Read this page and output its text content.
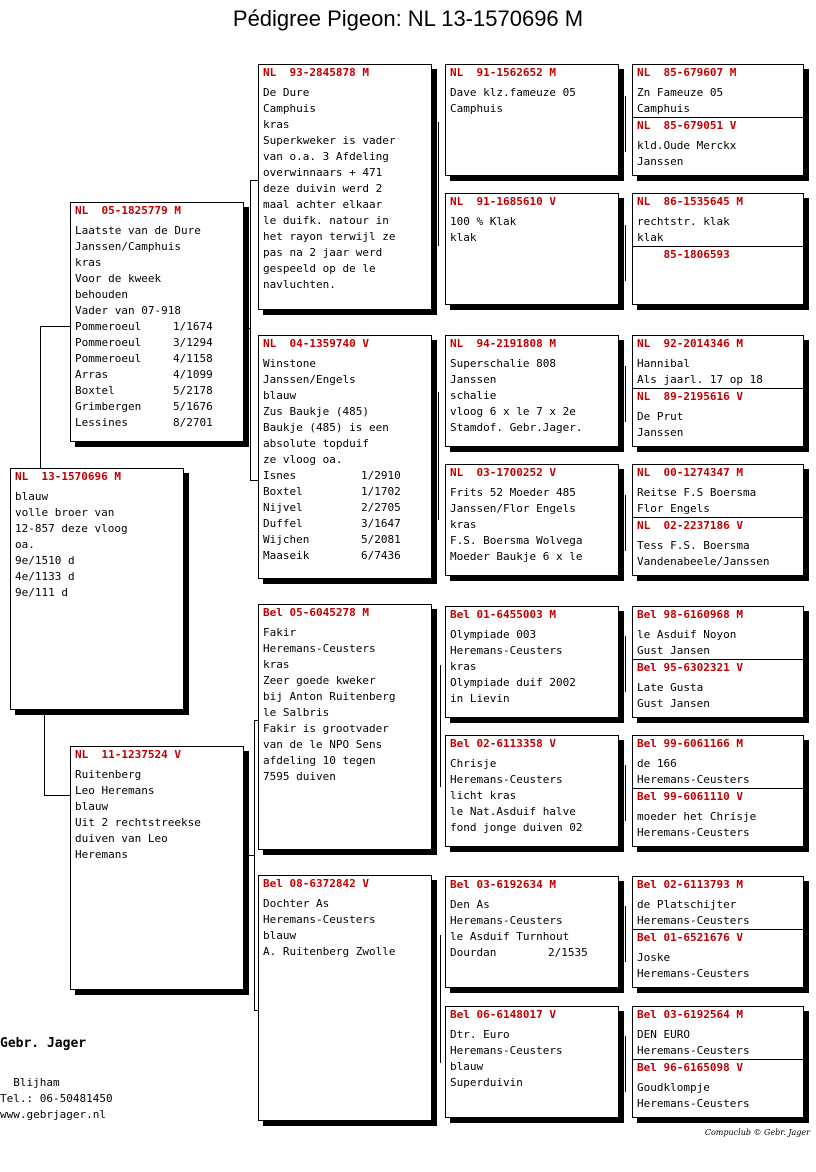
Pédigree Pigeon: NL 13-1570696 M
NL  13-1570696 M
blauw
volle broer van
12-857 deze vloog
oa.
9e/1510 d
4e/1133 d
9e/111 d
NL  05-1825779 M
Laatste van de Dure
Janssen/Camphuis
kras
Voor de kweek
behouden
Vader van 07-918
Pommeroeul	1/1674
Pommeroeul	3/1294
Pommeroeul	4/1158
Arras	4/1099
Boxtel	5/2178
Grimbergen	5/1676
Lessines	8/2701
NL  11-1237524 V
Ruitenberg
Leo Heremans
blauw
Uit 2 rechtstreekse
duiven van Leo
Heremans
NL  93-2845878 M
De Dure
Camphuis
kras
Superkweker is vader
van o.a. 3 Afdeling
overwinnaars + 471
deze duivin werd 2
maal achter elkaar
le duifk. natour in
het rayon terwijl ze
pas na 2 jaar werd
gespeeld op de le
navluchten.
NL  04-1359740 V
Winstone
Janssen/Engels
blauw
Zus Baukje (485)
Baukje (485) is een
absolute topduif
ze vloog oa.
Isnes	1/2910
Boxtel	1/1702
Nijvel	2/2705
Duffel	3/1647
Wijchen	5/2081
Maaseik	6/7436
Bel 05-6045278 M
Fakir
Heremans-Ceusters
kras
Zeer goede kweker
bij Anton Ruitenberg
le Salbris
Fakir is grootvader
van de le NPO Sens
afdeling 10 tegen
7595 duiven
Bel 08-6372842 V
Dochter As
Heremans-Ceusters
blauw
A. Ruitenberg Zwolle
NL  91-1562652 M
Dave klz.fameuze 05
Camphuis
NL  91-1685610 V
100 % Klak
klak
NL  94-2191808 M
Superschalie 808
Janssen
schalie
vloog 6 x le 7 x 2e
Stamdof. Gebr.Jager.
NL  03-1700252 V
Frits 52 Moeder 485
Janssen/Flor Engels
kras
F.S. Boersma Wolvega
Moeder Baukje 6 x le
Bel 01-6455003 M
Olympiade 003
Heremans-Ceusters
kras
Olympiade duif 2002
in Lievin
Bel 02-6113358 V
Chrisje
Heremans-Ceusters
licht kras
le Nat.Asduif halve
fond jonge duiven 02
Bel 03-6192634 M
Den As
Heremans-Ceusters
le Asduif Turnhout
Dourdan	2/1535
Bel 06-6148017 V
Dtr. Euro
Heremans-Ceusters
blauw
Superduivin
NL  85-679607 M
Zn Fameuze 05
Camphuis
NL  85-679051 V
kld.Oude Merckx
Janssen
NL  86-1535645 M
rechtstr. klak
klak
85-1806593
NL  92-2014346 M
Hannibal
Als jaarl. 17 op 18
NL  89-2195616 V
De Prut
Janssen
NL  00-1274347 M
Reitse F.S Boersma
Flor Engels
NL  02-2237186 V
Tess F.S. Boersma
Vandenabeele/Janssen
Bel 98-6160968 M
le Asduif Noyon
Gust Jansen
Bel 95-6302321 V
Late Gusta
Gust Jansen
Bel 99-6061166 M
de 166
Heremans-Ceusters
Bel 99-6061110 V
moeder het Chrisje
Heremans-Ceusters
Bel 02-6113793 M
de Platschijter
Heremans-Ceusters
Bel 01-6521676 V
Joske
Heremans-Ceusters
Bel 03-6192564 M
DEN EURO
Heremans-Ceusters
Bel 96-6165098 V
Goudklompje
Heremans-Ceusters
Gebr. Jager
Blijham
Tel.: 06-50481450
www.gebrjager.nl
Compuclub © Gebr. Jager
